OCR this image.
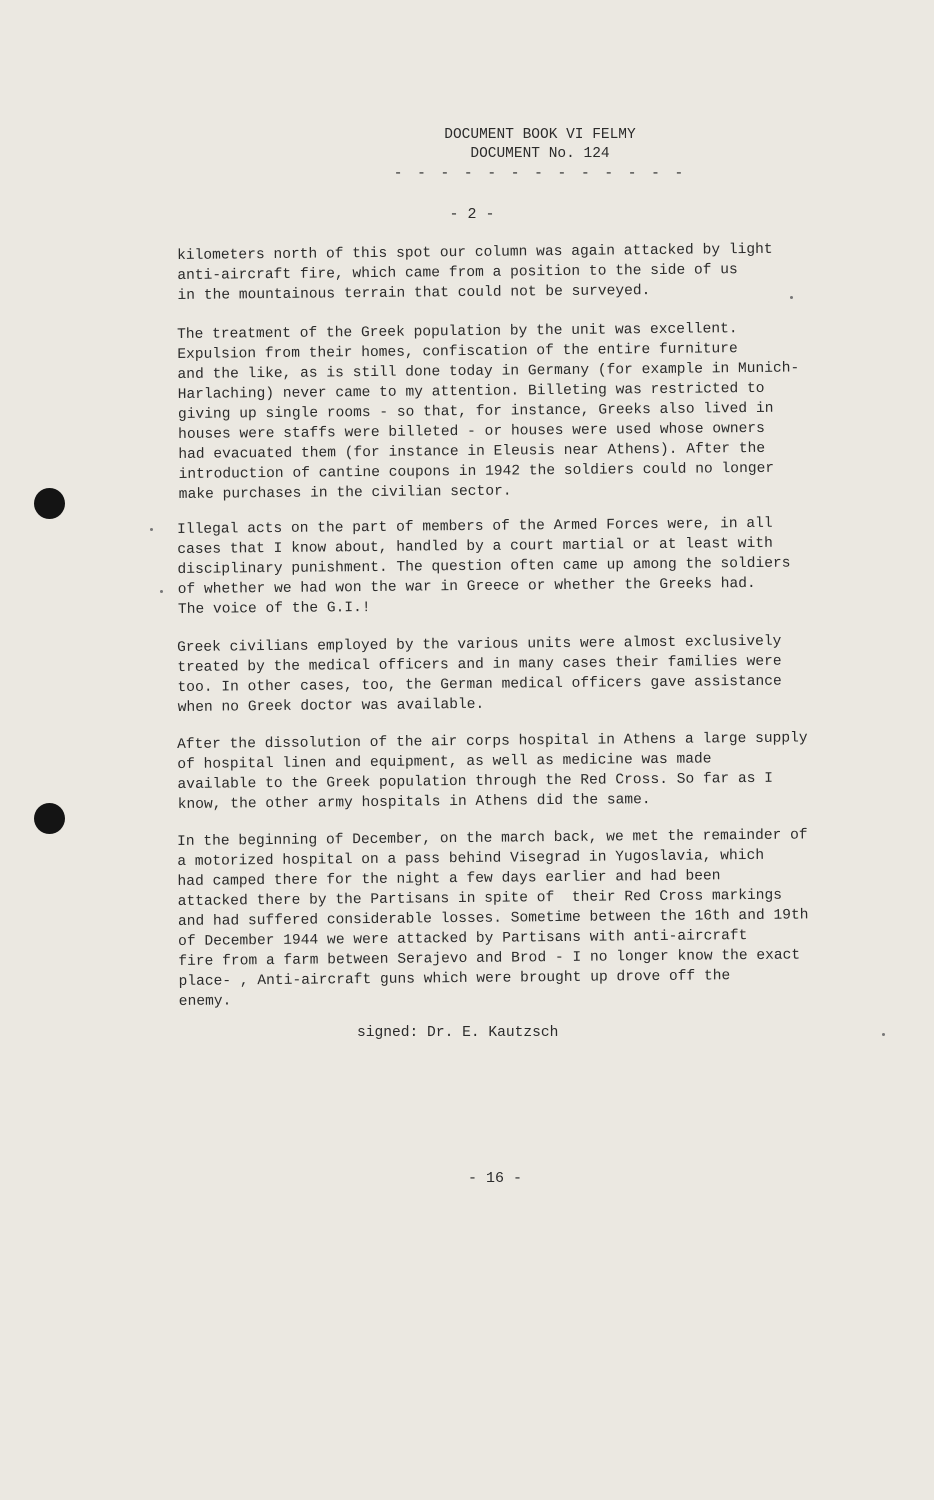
DOCUMENT BOOK VI FELMY
DOCUMENT No. 124
- - - - - - - - - - - - -
- 2 -
kilometers north of this spot our column was again attacked by light
anti-aircraft fire, which came from a position to the side of us
in the mountainous terrain that could not be surveyed.
The treatment of the Greek population by the unit was excellent.
Expulsion from their homes, confiscation of the entire furniture
and the like, as is still done today in Germany (for example in Munich-
Harlaching) never came to my attention. Billeting was restricted to
giving up single rooms - so that, for instance, Greeks also lived in
houses were staffs were billeted - or houses were used whose owners
had evacuated them (for instance in Eleusis near Athens). After the
introduction of cantine coupons in 1942 the soldiers could no longer
make purchases in the civilian sector.
Illegal acts on the part of members of the Armed Forces were, in all
cases that I know about, handled by a court martial or at least with
disciplinary punishment. The question often came up among the soldiers
of whether we had won the war in Greece or whether the Greeks had.
The voice of the G.I.!
Greek civilians employed by the various units were almost exclusively
treated by the medical officers and in many cases their families were
too. In other cases, too, the German medical officers gave assistance
when no Greek doctor was available.
After the dissolution of the air corps hospital in Athens a large supply
of hospital linen and equipment, as well as medicine was made
available to the Greek population through the Red Cross. So far as I
know, the other army hospitals in Athens did the same.
In the beginning of December, on the march back, we met the remainder of
a motorized hospital on a pass behind Visegrad in Yugoslavia, which
had camped there for the night a few days earlier and had been
attacked there by the Partisans in spite of  their Red Cross markings
and had suffered considerable losses. Sometime between the 16th and 19th
of December 1944 we were attacked by Partisans with anti-aircraft
fire from a farm between Serajevo and Brod - I no longer know the exact
place- , Anti-aircraft guns which were brought up drove off the
enemy.
signed: Dr. E. Kautzsch
- 16 -
